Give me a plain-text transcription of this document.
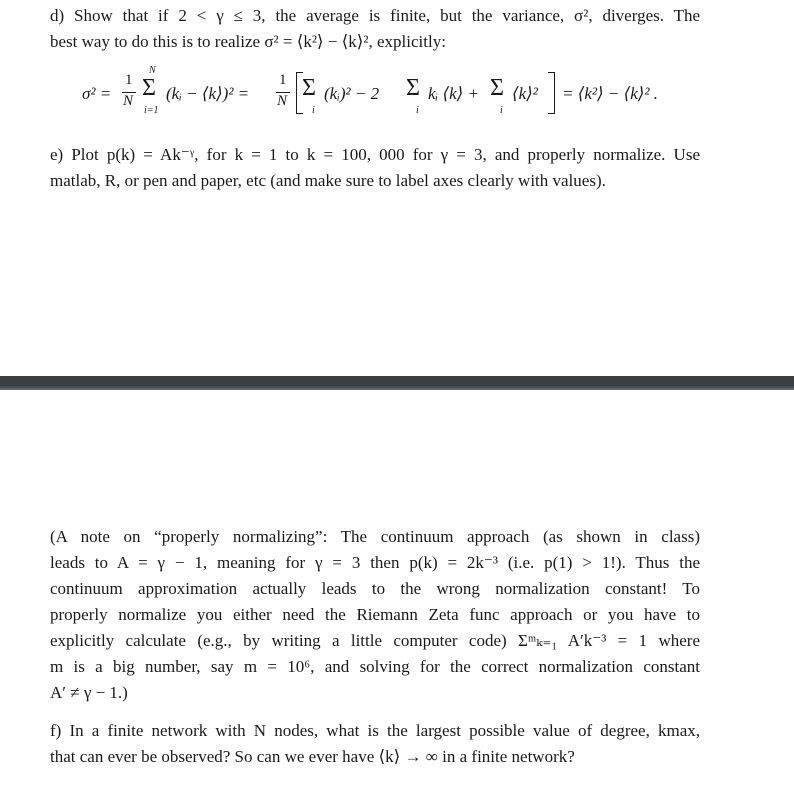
d) Show that if 2 < γ ≤ 3, the average is finite, but the variance, σ², diverges. The
best way to do this is to realize σ² = ⟨k²⟩ − ⟨k⟩², explicitly:
σ² =
1
N
N
Σ
i=1
(kᵢ − ⟨k⟩)² =
1
N Σ
i
(kᵢ)² − 2 Σ
i
kᵢ ⟨k⟩ + Σ
i
⟨k⟩² = ⟨k²⟩ − ⟨k⟩² .
e) Plot p(k) = Ak⁻ᵞ, for k = 1 to k = 100, 000 for γ = 3, and properly normalize. Use
matlab, R, or pen and paper, etc (and make sure to label axes clearly with values).
(A note on “properly normalizing”: The continuum approach (as shown in class)
leads to A = γ − 1, meaning for γ = 3 then p(k) = 2k⁻³ (i.e. p(1) > 1!). Thus the
continuum approximation actually leads to the wrong normalization constant! To
properly normalize you either need the Riemann Zeta func approach or you have to
explicitly calculate (e.g., by writing a little computer code) Σᵐₖ₌₁ A′k⁻³ = 1 where
m is a big number, say m = 10⁶, and solving for the correct normalization constant
A′ ≠ γ − 1.)
f) In a finite network with N nodes, what is the largest possible value of degree, kmax,
that can ever be observed? So can we ever have ⟨k⟩ → ∞ in a finite network?
